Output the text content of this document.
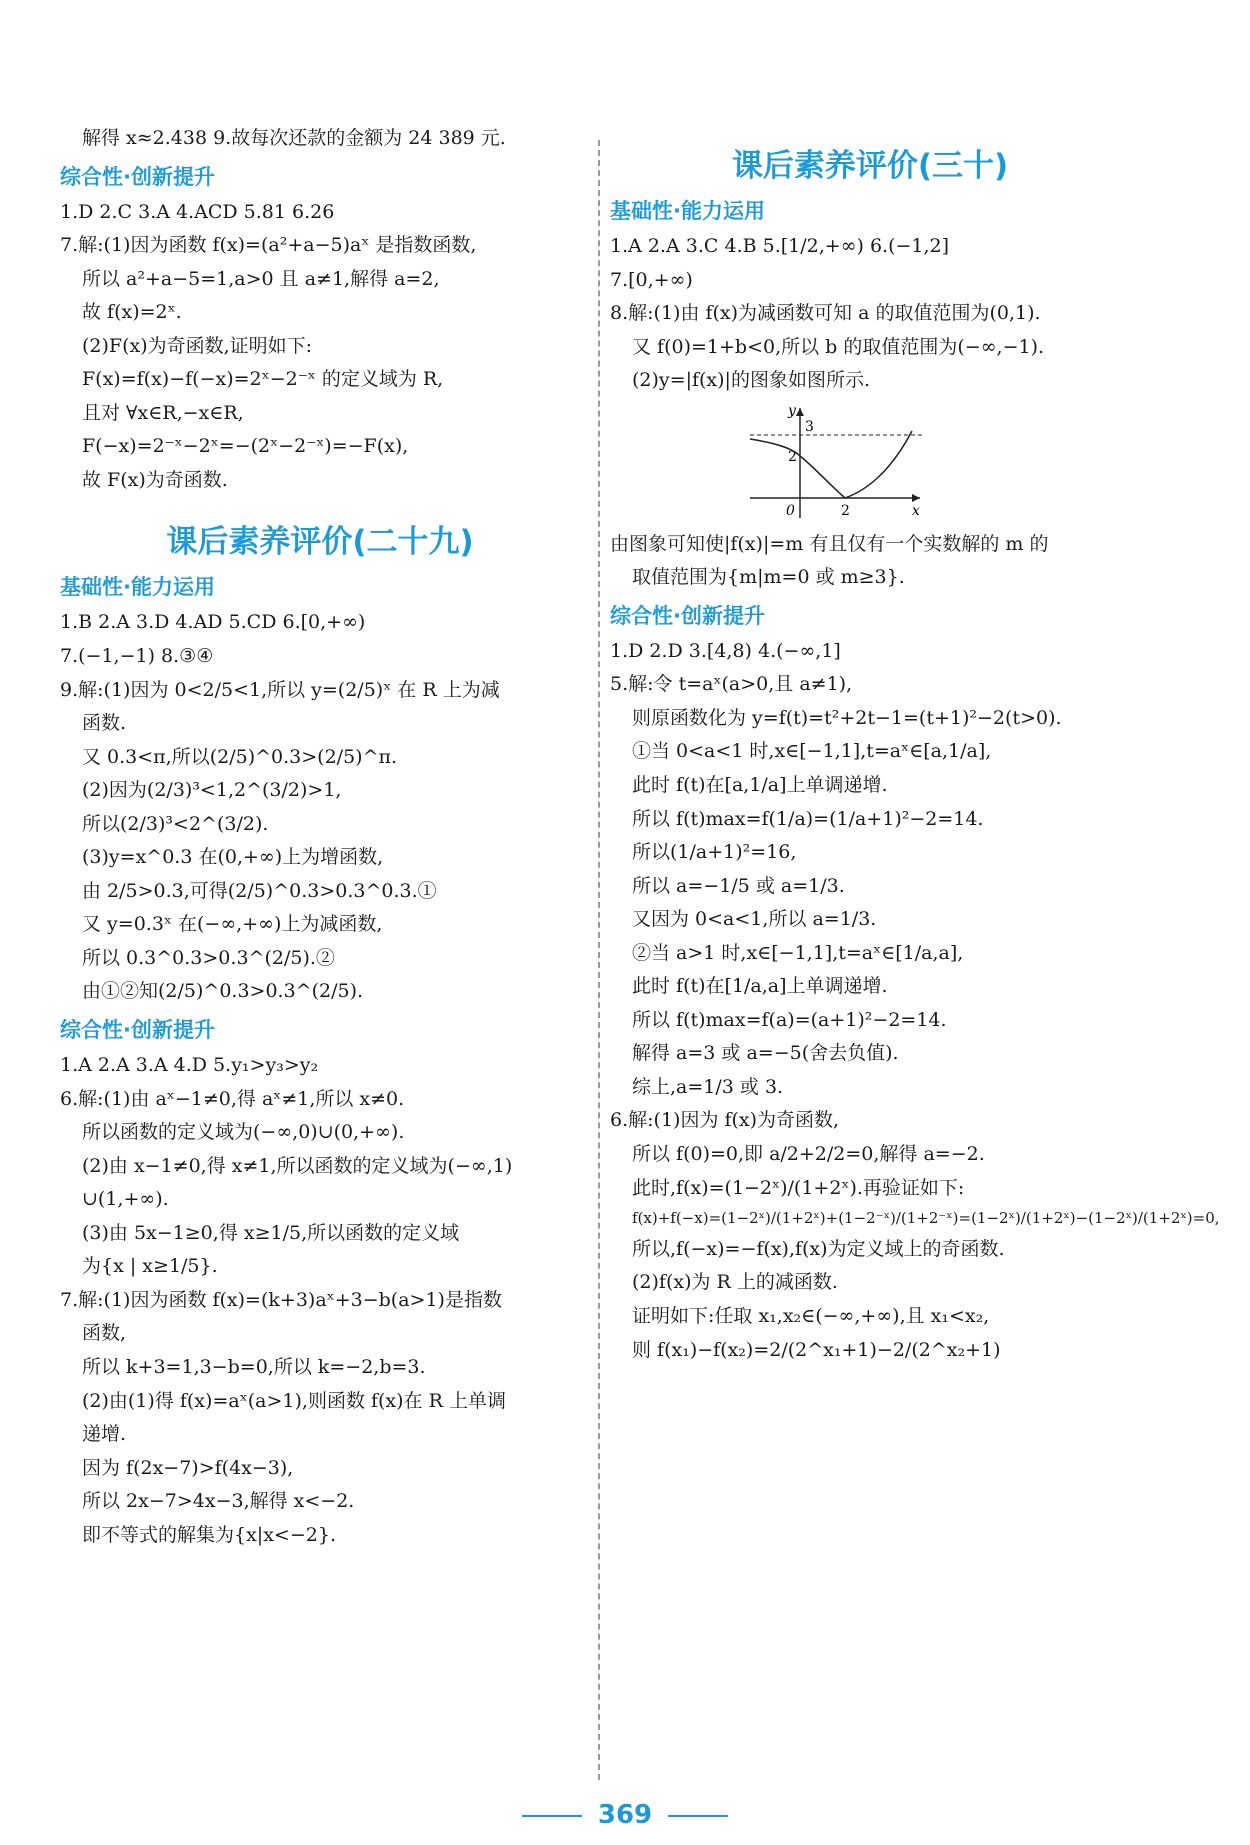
解得 x≈2.438 9.故每次还款的金额为 24 389 元.
综合性·创新提升
1.D 2.C 3.A 4.ACD 5.81 6.26
7.解:(1)因为函数 f(x)=(a²+a−5)aˣ 是指数函数,
所以 a²+a−5=1,a>0 且 a≠1,解得 a=2,
故 f(x)=2ˣ.
(2)F(x)为奇函数,证明如下:
F(x)=f(x)−f(−x)=2ˣ−2⁻ˣ 的定义域为 R,
且对 ∀x∈R,−x∈R,
F(−x)=2⁻ˣ−2ˣ=−(2ˣ−2⁻ˣ)=−F(x),
故 F(x)为奇函数.
课后素养评价(二十九)
基础性·能力运用
1.B 2.A 3.D 4.AD 5.CD 6.[0,+∞)
7.(−1,−1) 8.③④
9.解:(1)因为 0<2/5<1,所以 y=(2/5)ˣ 在 R 上为减
函数.
又 0.3<π,所以(2/5)^0.3>(2/5)^π.
(2)因为(2/3)³<1,2^(3/2)>1,
所以(2/3)³<2^(3/2).
(3)y=x^0.3 在(0,+∞)上为增函数,
由 2/5>0.3,可得(2/5)^0.3>0.3^0.3.①
又 y=0.3ˣ 在(−∞,+∞)上为减函数,
所以 0.3^0.3>0.3^(2/5).②
由①②知(2/5)^0.3>0.3^(2/5).
综合性·创新提升
1.A 2.A 3.A 4.D 5.y₁>y₃>y₂
6.解:(1)由 aˣ−1≠0,得 aˣ≠1,所以 x≠0.
所以函数的定义域为(−∞,0)∪(0,+∞).
(2)由 x−1≠0,得 x≠1,所以函数的定义域为(−∞,1)
∪(1,+∞).
(3)由 5x−1≥0,得 x≥1/5,所以函数的定义域
为{x | x≥1/5}.
7.解:(1)因为函数 f(x)=(k+3)aˣ+3−b(a>1)是指数
函数,
所以 k+3=1,3−b=0,所以 k=−2,b=3.
(2)由(1)得 f(x)=aˣ(a>1),则函数 f(x)在 R 上单调
递增.
因为 f(2x−7)>f(4x−3),
所以 2x−7>4x−3,解得 x<−2.
即不等式的解集为{x|x<−2}.
课后素养评价(三十)
基础性·能力运用
1.A 2.A 3.C 4.B 5.[1/2,+∞) 6.(−1,2]
7.[0,+∞)
8.解:(1)由 f(x)为减函数可知 a 的取值范围为(0,1).
又 f(0)=1+b<0,所以 b 的取值范围为(−∞,−1).
(2)y=|f(x)|的图象如图所示.
y
3
2
0	2	x
由图象可知使|f(x)|=m 有且仅有一个实数解的 m 的
取值范围为{m|m=0 或 m≥3}.
综合性·创新提升
1.D 2.D 3.[4,8) 4.(−∞,1]
5.解:令 t=aˣ(a>0,且 a≠1),
则原函数化为 y=f(t)=t²+2t−1=(t+1)²−2(t>0).
①当 0<a<1 时,x∈[−1,1],t=aˣ∈[a,1/a],
此时 f(t)在[a,1/a]上单调递增.
所以 f(t)max=f(1/a)=(1/a+1)²−2=14.
所以(1/a+1)²=16,
所以 a=−1/5 或 a=1/3.
又因为 0<a<1,所以 a=1/3.
②当 a>1 时,x∈[−1,1],t=aˣ∈[1/a,a],
此时 f(t)在[1/a,a]上单调递增.
所以 f(t)max=f(a)=(a+1)²−2=14.
解得 a=3 或 a=−5(舍去负值).
综上,a=1/3 或 3.
6.解:(1)因为 f(x)为奇函数,
所以 f(0)=0,即 a/2+2/2=0,解得 a=−2.
此时,f(x)=(1−2ˣ)/(1+2ˣ).再验证如下:
f(x)+f(−x)=(1−2ˣ)/(1+2ˣ)+(1−2⁻ˣ)/(1+2⁻ˣ)=(1−2ˣ)/(1+2ˣ)−(1−2ˣ)/(1+2ˣ)=0,
所以,f(−x)=−f(x),f(x)为定义域上的奇函数.
(2)f(x)为 R 上的减函数.
证明如下:任取 x₁,x₂∈(−∞,+∞),且 x₁<x₂,
则 f(x₁)−f(x₂)=2/(2^x₁+1)−2/(2^x₂+1)
369
